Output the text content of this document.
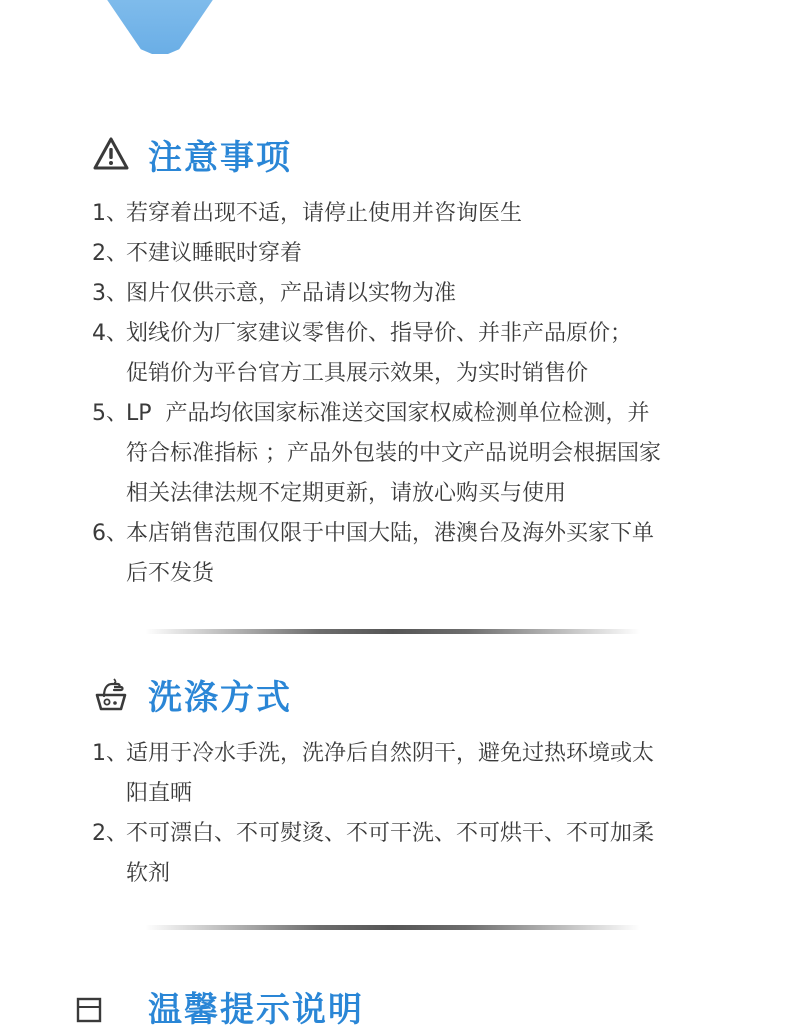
注意事项
1、
若穿着出现不适，请停止使用并咨询医生
2、
不建议睡眠时穿着
3、
图片仅供示意，产品请以实物为准
4、
划线价为厂家建议零售价、指导价、并非产品原价；
促销价为平台官方工具展示效果，为实时销售价
5、
LP  产品均依国家标准送交国家权威检测单位检测，并
符合标准指标 ；产品外包装的中文产品说明会根据国家
相关法律法规不定期更新，请放心购买与使用
6、
本店销售范围仅限于中国大陆，港澳台及海外买家下单
后不发货
洗涤方式
1、
适用于冷水手洗，洗净后自然阴干，避免过热环境或太
阳直晒
2、
不可漂白、不可熨烫、不可干洗、不可烘干、不可加柔
软剂
温馨提示说明
